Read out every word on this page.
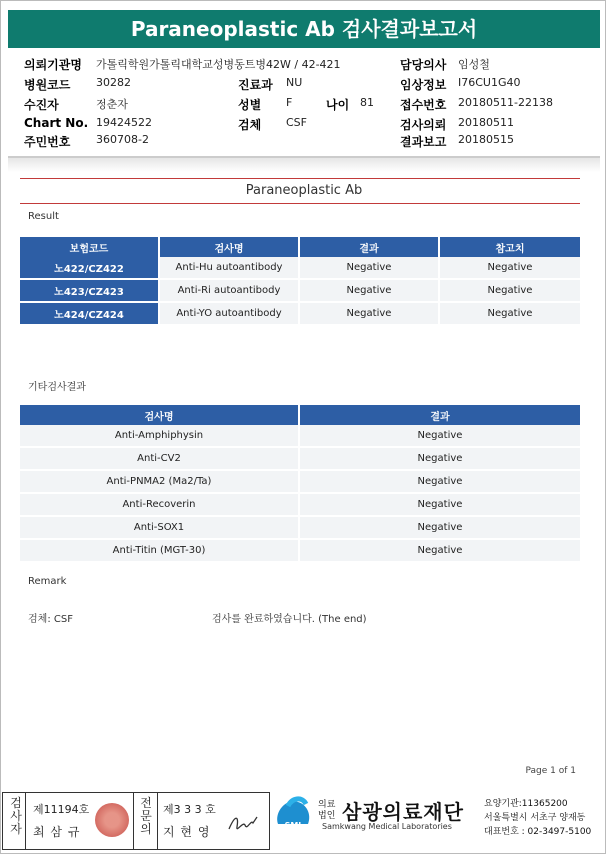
Paraneoplastic Ab 검사결과보고서
의뢰기관명 가톨릭학원가톨릭대학교성병동트병42W / 42-421
병원코드 30282
수진자	정춘자
Chart No. 19424522
주민번호 360708-2
진료과 NU
성별 F	나이 81
검체 CSF
담당의사 임성철
임상정보 I76CU1G40
접수번호 20180511-22138
검사의뢰 20180511
결과보고 20180515
Paraneoplastic Ab
Result
보험코드	검사명	결과	참고치
노422/CZ422	Anti-Hu autoantibody	Negative	Negative
노423/CZ423	Anti-Ri autoantibody	Negative	Negative
노424/CZ424	Anti-YO autoantibody	Negative	Negative
기타검사결과
검사명	결과
Anti-Amphiphysin	Negative
Anti-CV2	Negative
Anti-PNMA2 (Ma2/Ta)	Negative
Anti-Recoverin	Negative
Anti-SOX1	Negative
Anti-Titin (MGT-30)	Negative
Remark
검체: CSF	검사를 완료하였습니다. (The end)
Page 1 of 1
검사자
제11194호
최 삼 규
전문의
제3 3 3 호
지 현 영	SML
의료법인 삼광의료재단
Samkwang Medical Laboratories
요양기관:11365200
서울특별시 서초구 양재동
대표번호 : 02-3497-5100
